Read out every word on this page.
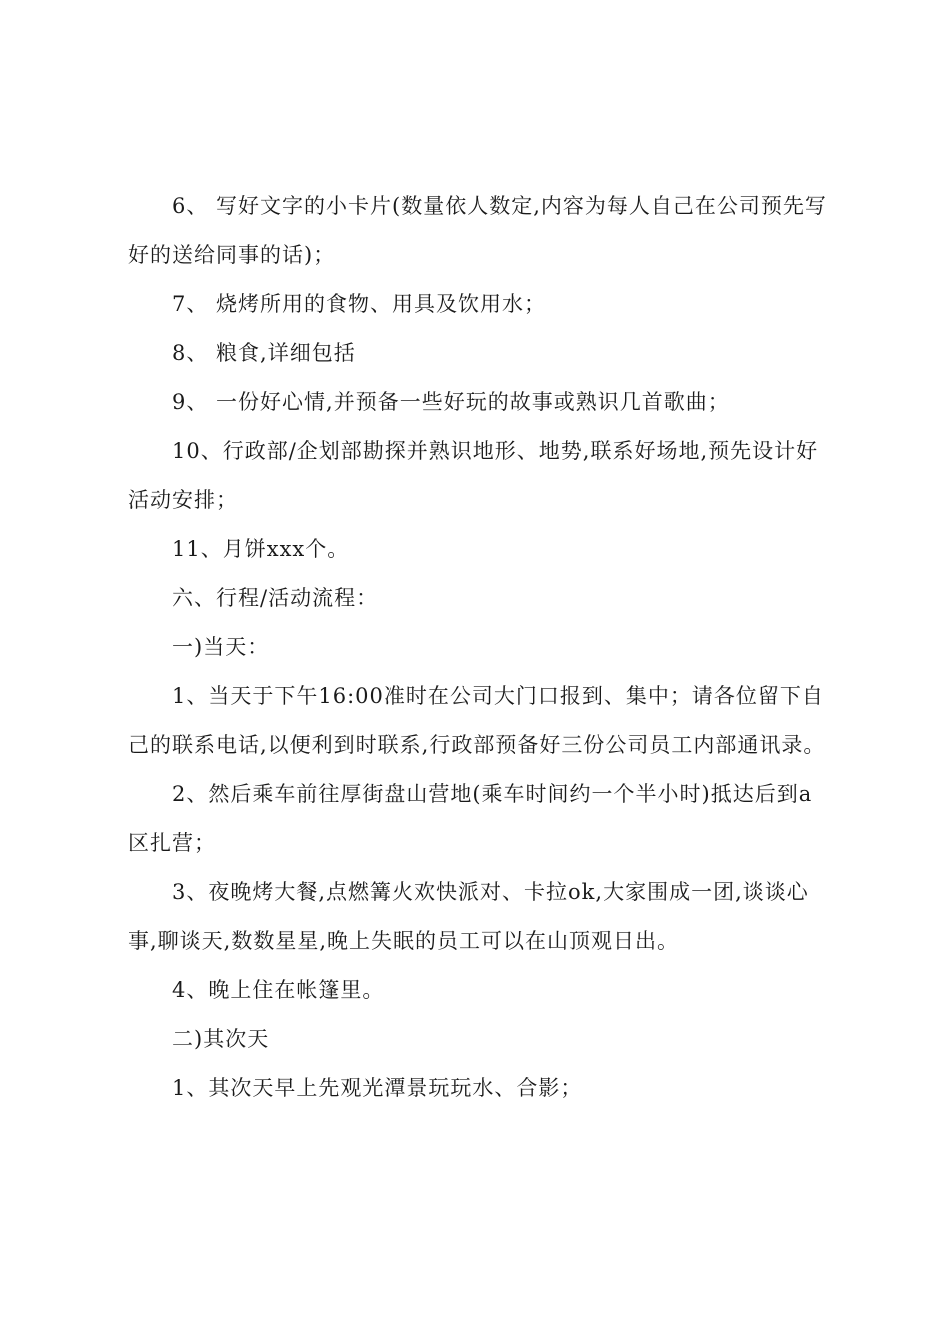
6、 写好文字的小卡片(数量依人数定,内容为每人自己在公司预先写好的送给同事的话)；

7、 烧烤所用的食物、用具及饮用水；

8、 粮食,详细包括

9、 一份好心情,并预备一些好玩的故事或熟识几首歌曲；

10、行政部/企划部勘探并熟识地形、地势,联系好场地,预先设计好活动安排；

11、月饼xxx个。

六、行程/活动流程：

一)当天：

1、当天于下午16:00准时在公司大门口报到、集中；请各位留下自己的联系电话,以便利到时联系,行政部预备好三份公司员工内部通讯录。

2、然后乘车前往厚街盘山营地(乘车时间约一个半小时)抵达后到a区扎营；

3、夜晚烤大餐,点燃篝火欢快派对、卡拉ok,大家围成一团,谈谈心事,聊谈天,数数星星,晚上失眠的员工可以在山顶观日出。

4、晚上住在帐篷里。

二)其次天

1、其次天早上先观光潭景玩玩水、合影；
